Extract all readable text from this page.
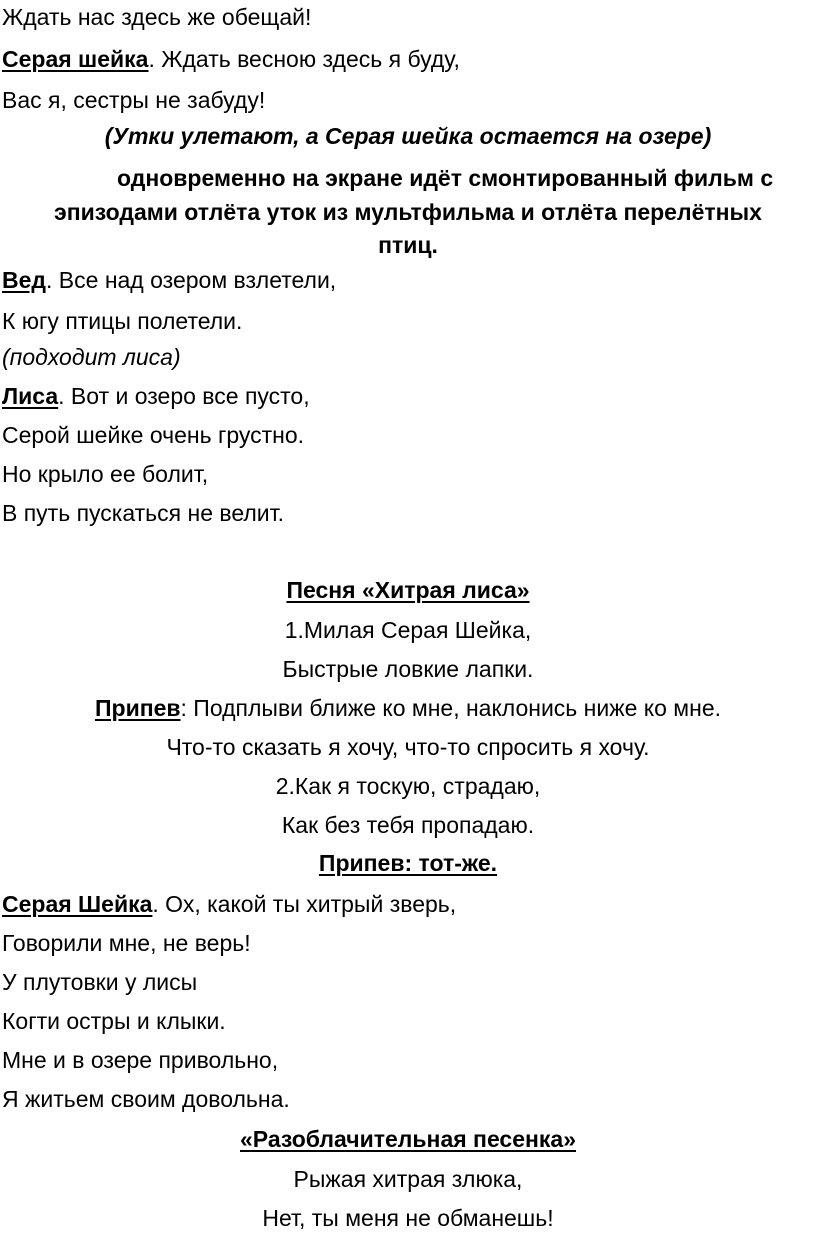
Ждать нас здесь же обещай!
Серая шейка. Ждать весною здесь я буду,
Вас я, сестры не забуду!
(Утки улетают, а Серая шейка остается на озере)
одновременно на экране идёт смонтированный фильм с
эпизодами отлёта уток из мультфильма и отлёта перелётных
птиц.
Вед. Все над озером взлетели,
К югу птицы полетели.
(подходит лиса)
Лиса. Вот и озеро все пусто,
Серой шейке очень грустно.
Но крыло ее болит,
В путь пускаться не велит.
Песня «Хитрая лиса»
1.Милая Серая Шейка,
Быстрые ловкие лапки.
Припев: Подплыви ближе ко мне, наклонись ниже ко мне.
Что-то сказать я хочу, что-то спросить я хочу.
2.Как я тоскую, страдаю,
Как без тебя пропадаю.
Припев: тот-же.
Серая Шейка. Ох, какой ты хитрый зверь,
Говорили мне, не верь!
У плутовки у лисы
Когти остры и клыки.
Мне и в озере привольно,
Я житьем своим довольна.
«Разоблачительная песенка»
Рыжая хитрая злюка,
Нет, ты меня не обманешь!
